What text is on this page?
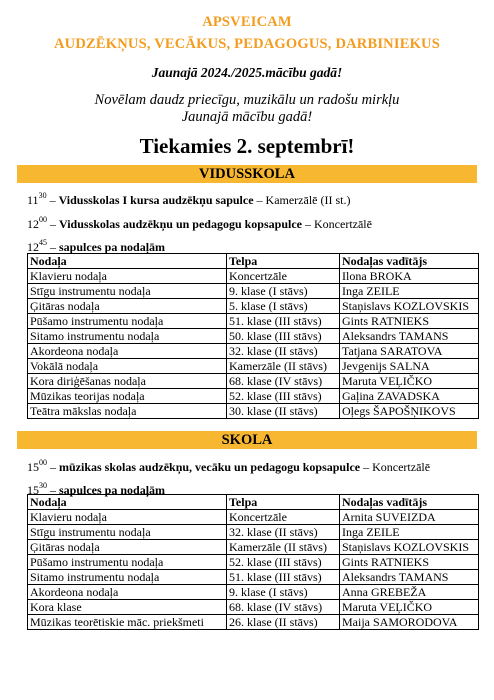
APSVEICAM
AUDZĒKŅUS, VECĀKUS, PEDAGOGUS, DARBINIEKUS
Jaunajā 2024./2025.mācību gadā!
Novēlam daudz priecīgu, muzikālu un radošu mirkļu
Jaunajā mācību gadā!
Tiekamies 2. septembrī!
VIDUSSKOLA
$11^{30}$ – Vidusskolas I kursa audzēkņu sapulce – Kamerzālē (II st.)
$12^{00}$ – Vidusskolas audzēkņu un pedagogu kopsapulce – Koncertzālē
$12^{45}$ – sapulces pa nodaļām
Nodaļa	Telpa	Nodaļas vadītājs
Klavieru nodaļa	Koncertzāle	Ilona BROKA
Stīgu instrumentu nodaļa	9. klase (I stāvs)	Inga ZEILE
Ģitāras nodaļa	5. klase (I stāvs)	Staņislavs KOZLOVSKIS
Pūšamo instrumentu nodaļa	51. klase (III stāvs)	Gints RATNIEKS
Sitamo instrumentu nodaļa	50. klase (III stāvs)	Aleksandrs TAMANS
Akordeona nodaļa	32. klase (II stāvs)	Tatjana SARATOVA
Vokālā nodaļa	Kamerzāle (II stāvs)	Jevgenijs SALNA
Kora diriģēšanas nodaļa	68. klase (IV stāvs)	Maruta VEĻIČKO
Mūzikas teorijas nodaļa	52. klase (III stāvs)	Gaļina ZAVADSKA
Teātra mākslas nodaļa	30. klase (II stāvs)	Oļegs ŠAPOŠŅIKOVS
SKOLA
$15^{00}$ – mūzikas skolas audzēkņu, vecāku un pedagogu kopsapulce – Koncertzālē
$15^{30}$ – sapulces pa nodaļām
Nodaļa	Telpa	Nodaļas vadītājs
Klavieru nodaļa	Koncertzāle	Arnita SUVEIZDA
Stīgu instrumentu nodaļa	32. klase (II stāvs)	Inga ZEILE
Ģitāras nodaļa	Kamerzāle (II stāvs)	Staņislavs KOZLOVSKIS
Pūšamo instrumentu nodaļa	52. klase (III stāvs)	Gints RATNIEKS
Sitamo instrumentu nodaļa	51. klase (III stāvs)	Aleksandrs TAMANS
Akordeona nodaļa	9. klase (I stāvs)	Anna GREBEŽA
Kora klase	68. klase (IV stāvs)	Maruta VEĻIČKO
Mūzikas teorētiskie māc. priekšmeti	26. klase (II stāvs)	Maija SAMORODOVA
